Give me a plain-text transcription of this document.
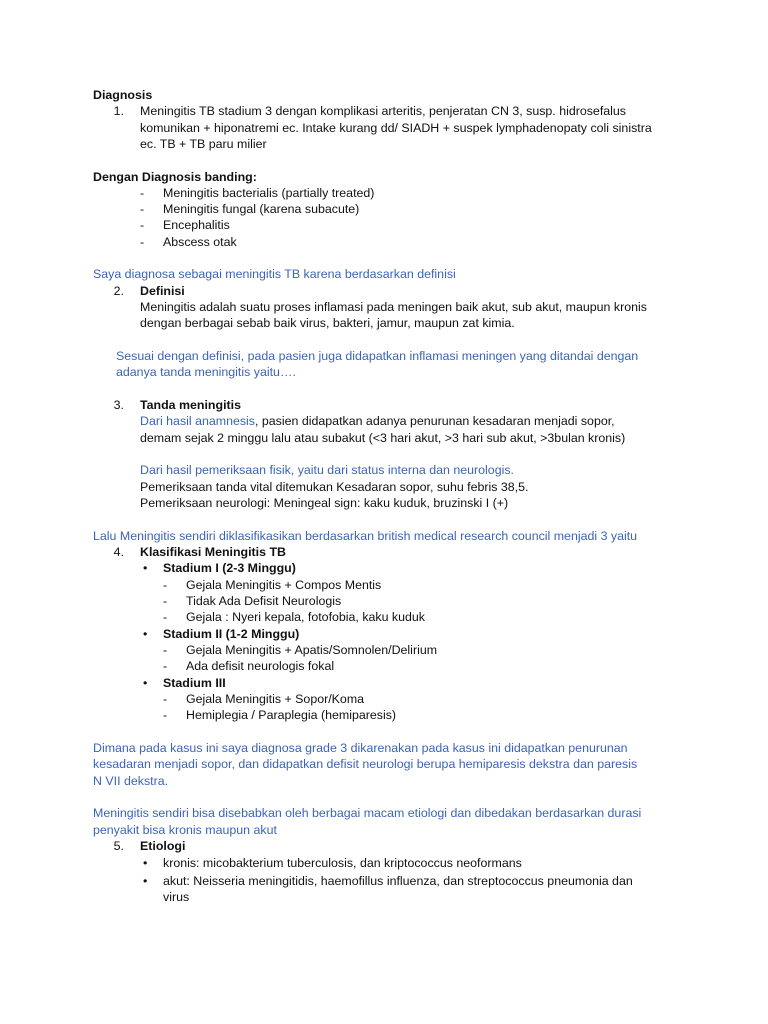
Diagnosis
1. Meningitis TB stadium 3 dengan komplikasi arteritis, penjeratan CN 3, susp. hidrosefalus
komunikan + hiponatremi ec. Intake kurang dd/ SIADH + suspek lymphadenopaty coli sinistra
ec. TB + TB paru milier
Dengan Diagnosis banding:
- Meningitis bacterialis (partially treated)
- Meningitis fungal (karena subacute)
- Encephalitis
- Abscess otak
Saya diagnosa sebagai meningitis TB karena berdasarkan definisi
2. Definisi
Meningitis adalah suatu proses inflamasi pada meningen baik akut, sub akut, maupun kronis
dengan berbagai sebab baik virus, bakteri, jamur, maupun zat kimia.
Sesuai dengan definisi, pada pasien juga didapatkan inflamasi meningen yang ditandai dengan
adanya tanda meningitis yaitu….
3. Tanda meningitis
Dari hasil anamnesis, pasien didapatkan adanya penurunan kesadaran menjadi sopor,
demam sejak 2 minggu lalu atau subakut (<3 hari akut, >3 hari sub akut, >3bulan kronis)
Dari hasil pemeriksaan fisik, yaitu dari status interna dan neurologis.
Pemeriksaan tanda vital ditemukan Kesadaran sopor, suhu febris 38,5.
Pemeriksaan neurologi: Meningeal sign: kaku kuduk, bruzinski I (+)
Lalu Meningitis sendiri diklasifikasikan berdasarkan british medical research council menjadi 3 yaitu
4. Klasifikasi Meningitis TB
• Stadium I (2-3 Minggu)
- Gejala Meningitis + Compos Mentis
- Tidak Ada Defisit Neurologis
- Gejala : Nyeri kepala, fotofobia, kaku kuduk
• Stadium II (1-2 Minggu)
- Gejala Meningitis + Apatis/Somnolen/Delirium
- Ada defisit neurologis fokal
• Stadium III
- Gejala Meningitis + Sopor/Koma
- Hemiplegia / Paraplegia (hemiparesis)
Dimana pada kasus ini saya diagnosa grade 3 dikarenakan pada kasus ini didapatkan penurunan
kesadaran menjadi sopor, dan didapatkan defisit neurologi berupa hemiparesis dekstra dan paresis
N VII dekstra.
Meningitis sendiri bisa disebabkan oleh berbagai macam etiologi dan dibedakan berdasarkan durasi
penyakit bisa kronis maupun akut
5. Etiologi
• kronis: micobakterium tuberculosis, dan kriptococcus neoformans
• akut: Neisseria meningitidis, haemofillus influenza, dan streptococcus pneumonia dan
virus
